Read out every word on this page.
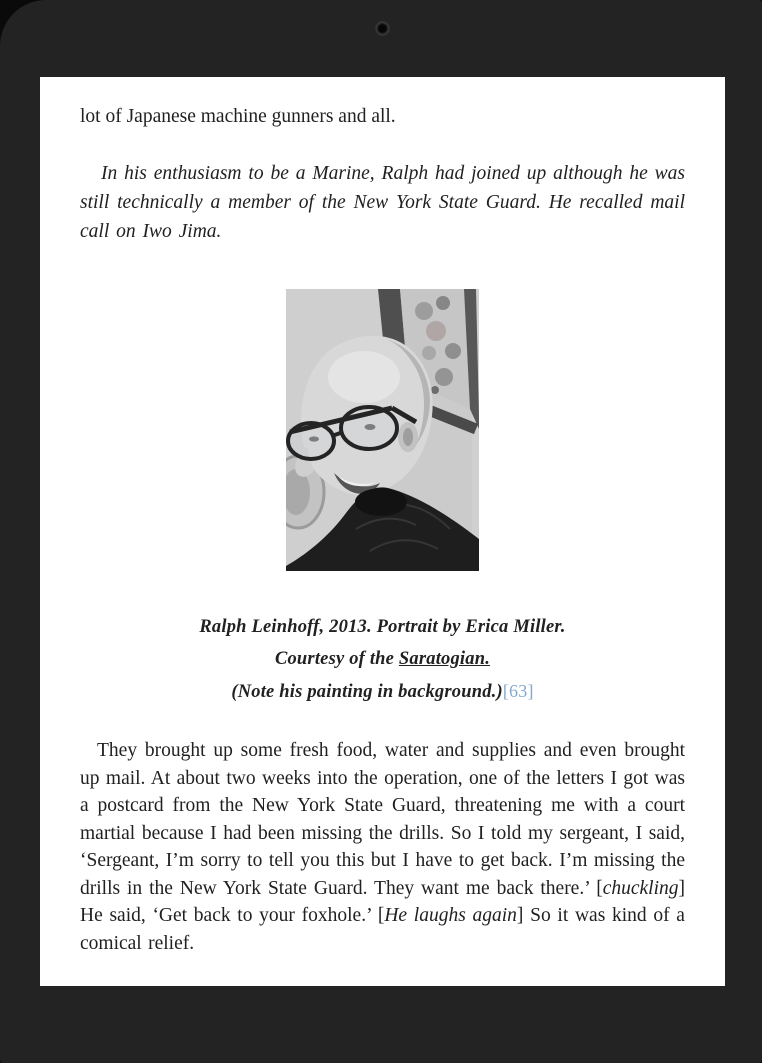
lot of Japanese machine gunners and all.

In his enthusiasm to be a Marine, Ralph had joined up although he was still technically a member of the New York State Guard. He recalled mail call on Iwo Jima.

Ralph Leinhoff, 2013. Portrait by Erica Miller.
Courtesy of the Saratogian.
(Note his painting in background.)[63]

They brought up some fresh food, water and supplies and even brought up mail. At about two weeks into the operation, one of the letters I got was a postcard from the New York State Guard, threatening me with a court martial because I had been missing the drills. So I told my sergeant, I said, ‘Sergeant, I’m sorry to tell you this but I have to get back. I’m missing the drills in the New York State Guard. They want me back there.’ [chuckling] He said, ‘Get back to your foxhole.’ [He laughs again] So it was kind of a comical relief.
